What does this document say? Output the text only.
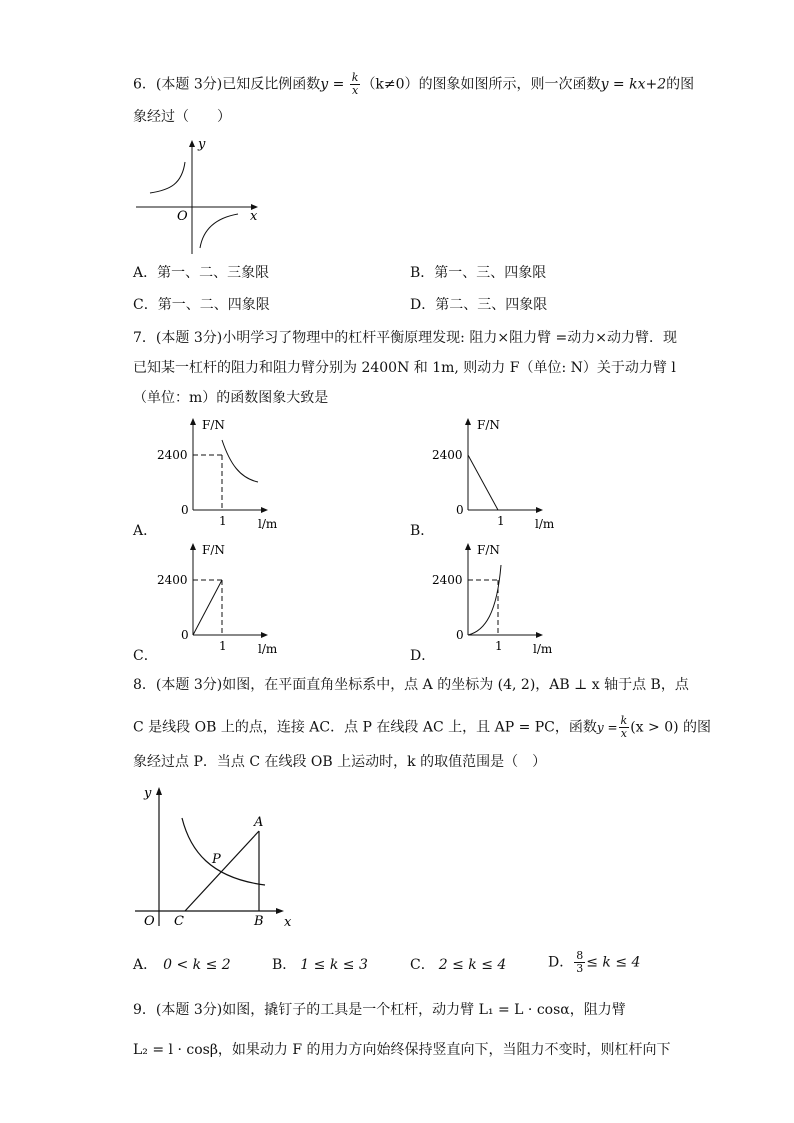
6．(本题 3分)已知反比例函数$y = \frac{k}{x} (k\ne 0)$的图象如图所示，则一次函数y = kx+2的图
象经过（　　）
y
x
O
A．第一、二、三象限	B．第一、三、四象限
C．第一、二、四象限	D．第二、三、四象限
7．(本题 3分)小明学习了物理中的杠杆平衡原理发现: 阻力×阻力臂 =动力×动力臂．现
已知某一杠杆的阻力和阻力臂分别为 2400N 和 1m, 则动力 F（单位: N）关于动力臂 l
（单位：m）的函数图象大致是
A．
F/N
2400
0
1	l/m	B．
F/N
2400
0
1	l/m
C．
F/N
2400
0
1	l/m	D．
F/N
2400
0
1	l/m
8．(本题 3分)如图，在平面直角坐标系中，点 A 的坐标为 (4, 2)，AB ⊥ x 轴于点 B，点
C 是线段 OB 上的点，连接 AC．点 P 在线段 AC 上，且 AP = PC，函数$y = \frac{k}{x} (x > 0)$ 的图
象经过点 P．当点 C 在线段 OB 上运动时，k 的取值范围是（　）
y
x
O C	B
A
P
A． 0 < k ≤ 2	B． 1 ≤ k ≤ 3	C． 2 ≤ k ≤ 4	D． $\frac{8}{3} \le k \le 4$
9．(本题 3分)如图，撬钉子的工具是一个杠杆，动力臂 L₁ = L · cosα，阻力臂
L₂ = l · cosβ，如果动力 F 的用力方向始终保持竖直向下，当阻力不变时，则杠杆向下
